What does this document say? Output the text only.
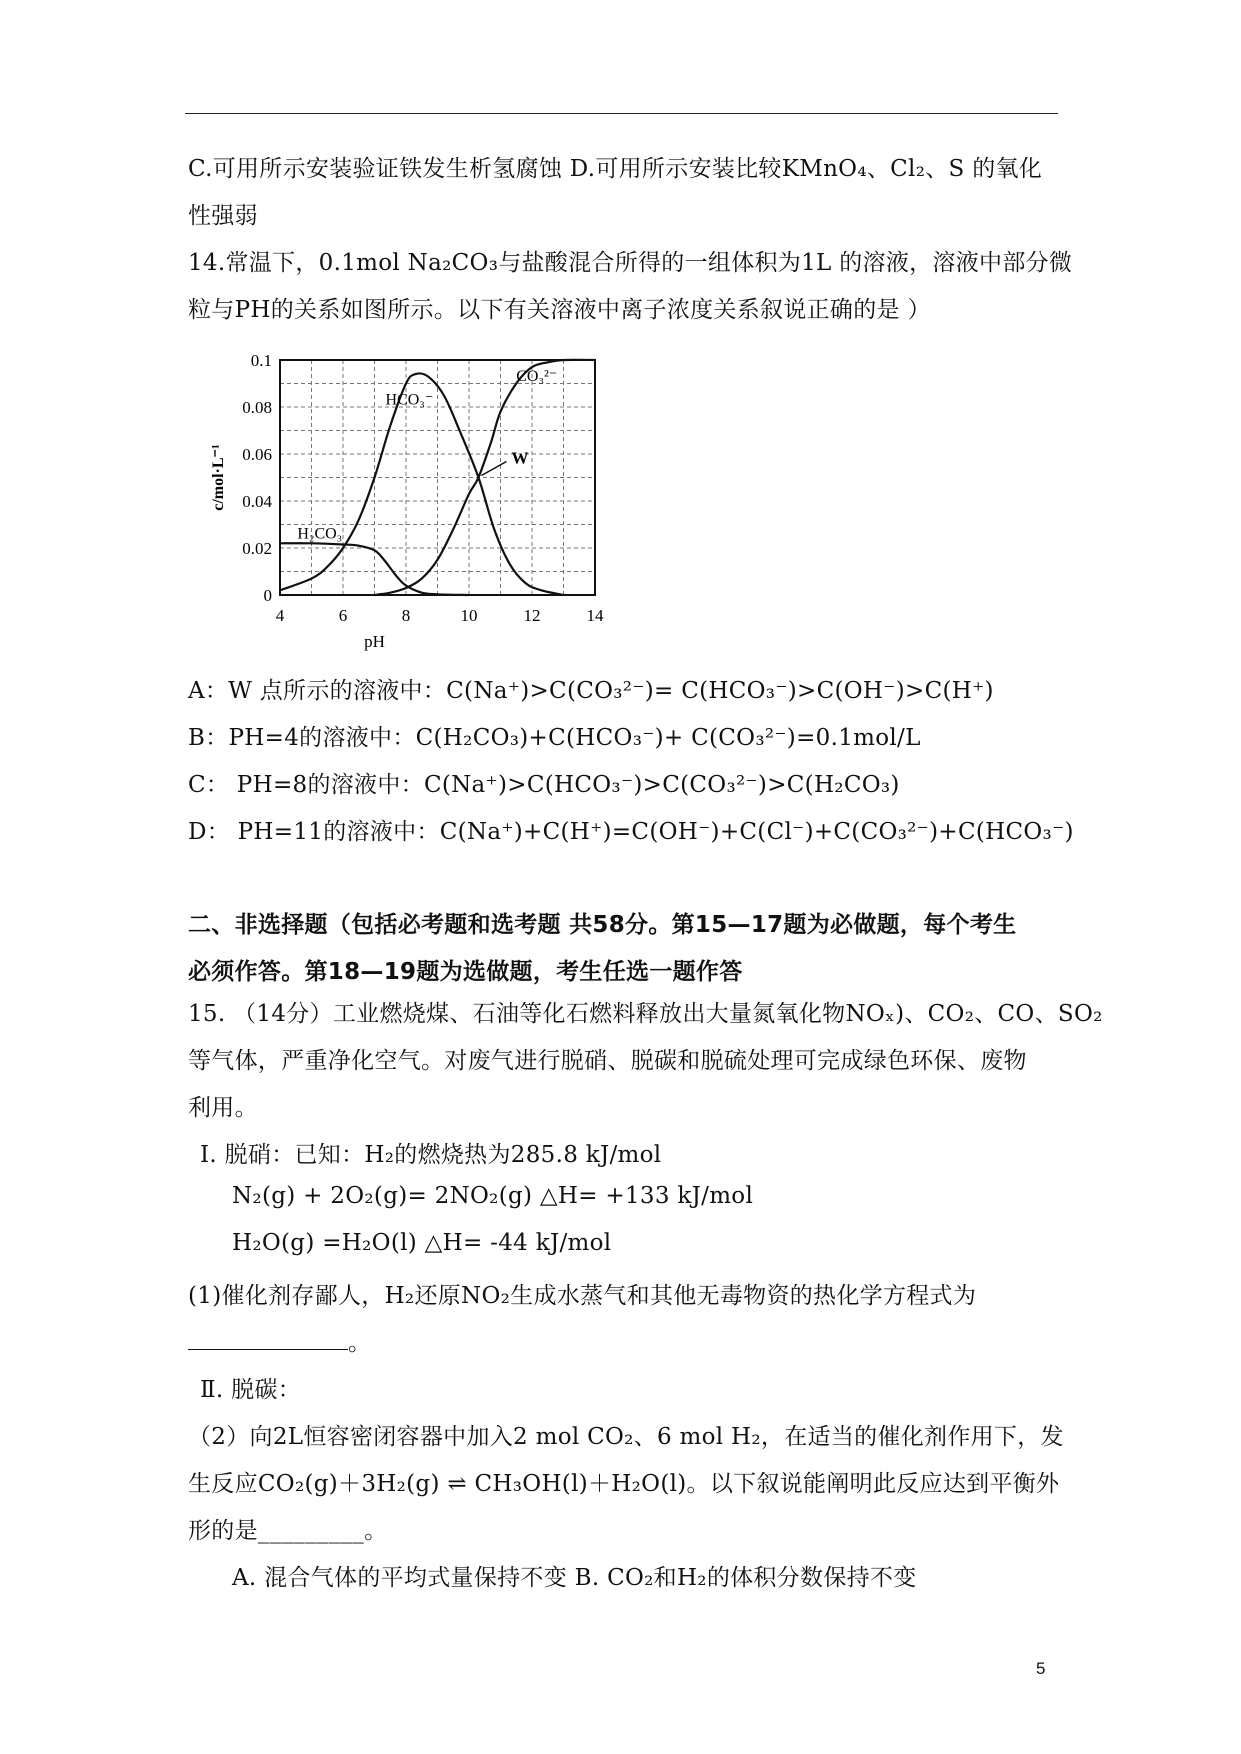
C.可用所示安装验证铁发生析氢腐蚀 D.可用所示安装比较KMnO₄、Cl₂、S 的氧化
性强弱
14.常温下，0.1mol Na₂CO₃与盐酸混合所得的一组体积为1L 的溶液，溶液中部分微
粒与PH的关系如图所示。以下有关溶液中离子浓度关系叙说正确的是 ）
4	6	8	10	12	14
0
0.02
0.04
0.06
0.08
0.1
pH
c/mol·L⁻¹
H₂CO₃
HCO₃⁻
CO₃²⁻
W
A：W 点所示的溶液中：C(Na⁺)>C(CO₃²⁻)= C(HCO₃⁻)>C(OH⁻)>C(H⁺)
B：PH=4的溶液中：C(H₂CO₃)+C(HCO₃⁻)+ C(CO₃²⁻)=0.1mol/L
C： PH=8的溶液中：C(Na⁺)>C(HCO₃⁻)>C(CO₃²⁻)>C(H₂CO₃)
D： PH=11的溶液中：C(Na⁺)+C(H⁺)=C(OH⁻)+C(Cl⁻)+C(CO₃²⁻)+C(HCO₃⁻)
二、非选择题（包括必考题和选考题 共58分。第15—17题为必做题，每个考生
必须作答。第18—19题为选做题，考生任选一题作答
15. （14分）工业燃烧煤、石油等化石燃料释放出大量氮氧化物NOₓ)、CO₂、CO、SO₂
等气体，严重净化空气。对废气进行脱硝、脱碳和脱硫处理可完成绿色环保、废物
利用。
Ⅰ. 脱硝：已知：H₂的燃烧热为285.8 kJ/mol
N₂(g) + 2O₂(g)= 2NO₂(g) △H= +133 kJ/mol
H₂O(g) =H₂O(l) △H= -44 kJ/mol
(1)催化剂存鄙人，H₂还原NO₂生成水蒸气和其他无毒物资的热化学方程式为
。
Ⅱ. 脱碳：
（2）向2L恒容密闭容器中加入2 mol CO₂、6 mol H₂，在适当的催化剂作用下，发
生反应CO₂(g)＋3H₂(g) ⇌ CH₃OH(l)＋H₂O(l)。以下叙说能阐明此反应达到平衡外
形的是_________。
A. 混合气体的平均式量保持不变 B. CO₂和H₂的体积分数保持不变
5
